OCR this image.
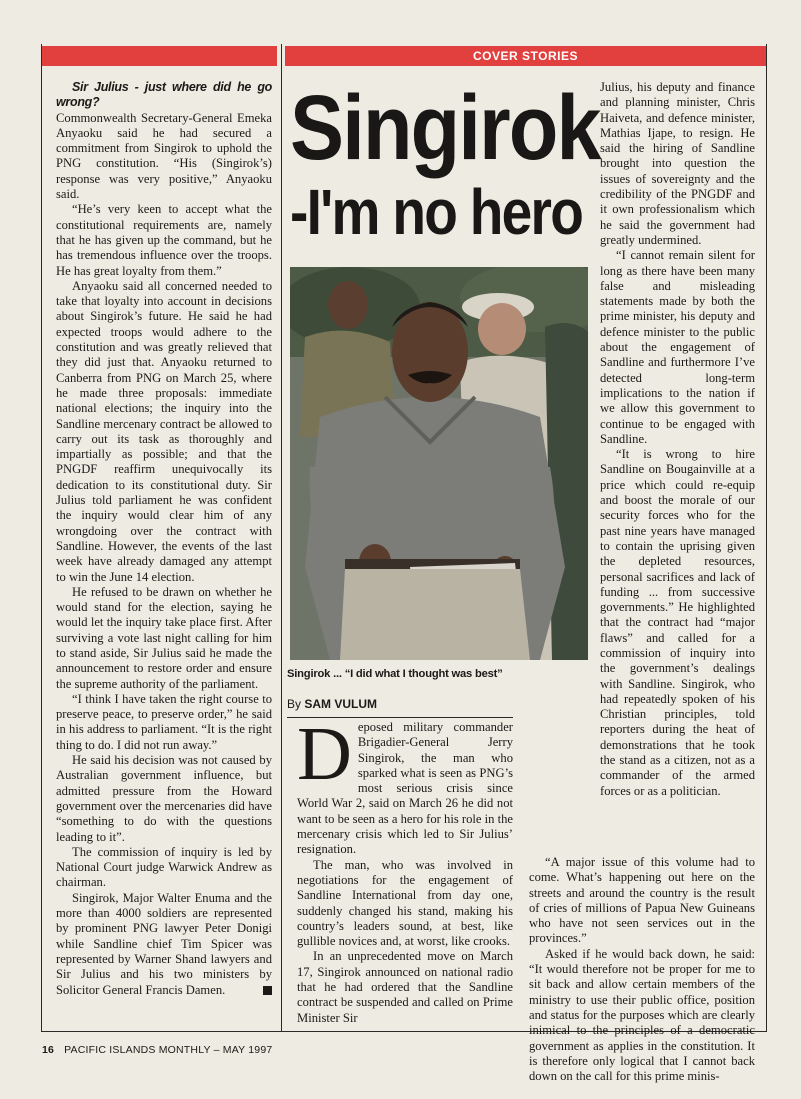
COVER STORIES

Sir Julius - just where did he go wrong?

Commonwealth Secretary-General Emeka Anyaoku said he had secured a commitment from Singirok to uphold the PNG constitution. “His (Singirok’s) response was very positive,” Anyaoku said.

“He’s very keen to accept what the constitutional requirements are, namely that he has given up the command, but he has tremendous influence over the troops. He has great loyalty from them.”

Anyaoku said all concerned needed to take that loyalty into account in decisions about Singirok’s future. He said he had expected troops would adhere to the constitution and was greatly relieved that they did just that. Anyaoku returned to Canberra from PNG on March 25, where he made three proposals: immediate national elections; the inquiry into the Sandline mercenary contract be allowed to carry out its task as thoroughly and impartially as possible; and that the PNGDF reaffirm unequivocally its dedication to its constitutional duty. Sir Julius told parliament he was confident the inquiry would clear him of any wrongdoing over the contract with Sandline. However, the events of the last week have already damaged any attempt to win the June 14 election.

He refused to be drawn on whether he would stand for the election, saying he would let the inquiry take place first. After surviving a vote last night calling for him to stand aside, Sir Julius said he made the announcement to restore order and ensure the supreme authority of the parliament.

“I think I have taken the right course to preserve peace, to preserve order,” he said in his address to parliament. “It is the right thing to do. I did not run away.”

He said his decision was not caused by Australian government influence, but admitted pressure from the Howard government over the mercenaries did have “something to do with the questions leading to it”.

The commission of inquiry is led by National Court judge Warwick Andrew as chairman.

Singirok, Major Walter Enuma and the more than 4000 soldiers are represented by prominent PNG lawyer Peter Donigi while Sandline chief Tim Spicer was represented by Warner Shand lawyers and Sir Julius and his two ministers by Solicitor General Francis Damen.

Singirok
-I'm no hero
Singirok ... “I did what I thought was best”
By SAM VULUM

Deposed military commander Brigadier-General Jerry Singirok, the man who sparked what is seen as PNG’s most serious crisis since World War 2, said on March 26 he did not want to be seen as a hero for his role in the mercenary crisis which led to Sir Julius’ resignation.

The man, who was involved in negotiations for the engagement of Sandline International from day one, suddenly changed his stand, making his country’s leaders sound, at best, like gullible novices and, at worst, like crooks.

In an unprecedented move on March 17, Singirok announced on national radio that he had ordered that the Sandline contract be suspended and called on Prime Minister Sir

Julius, his deputy and finance and planning minister, Chris Haiveta, and defence minister, Mathias Ijape, to resign. He said the hiring of Sandline brought into question the issues of sovereignty and the credibility of the PNGDF and it own professionalism which he said the government had greatly undermined.

“I cannot remain silent for long as there have been many false and misleading statements made by both the prime minister, his deputy and defence minister to the public about the engagement of Sandline and furthermore I’ve detected long-term implications to the nation if we allow this government to continue to be engaged with Sandline.

“It is wrong to hire Sandline on Bougainville at a price which could re-equip and boost the morale of our security forces who for the past nine years have managed to contain the uprising given the depleted resources, personal sacrifices and lack of funding ... from successive governments.” He highlighted that the contract had “major flaws” and called for a commission of inquiry into the government’s dealings with Sandline. Singirok, who had repeatedly spoken of his Christian principles, told reporters during the heat of demonstrations that he took the stand as a citizen, not as a commander of the armed forces or as a politician.

“A major issue of this volume had to come. What’s happening out here on the streets and around the country is the result of cries of millions of Papua New Guineans who have not seen services out in the provinces.”

Asked if he would back down, he said: “It would therefore not be proper for me to sit back and allow certain members of the ministry to use their public office, position and status for the purposes which are clearly inimical to the principles of a democratic government as applies in the constitution. It is therefore only logical that I cannot back down on the call for this prime minis-

16 PACIFIC ISLANDS MONTHLY – MAY 1997
